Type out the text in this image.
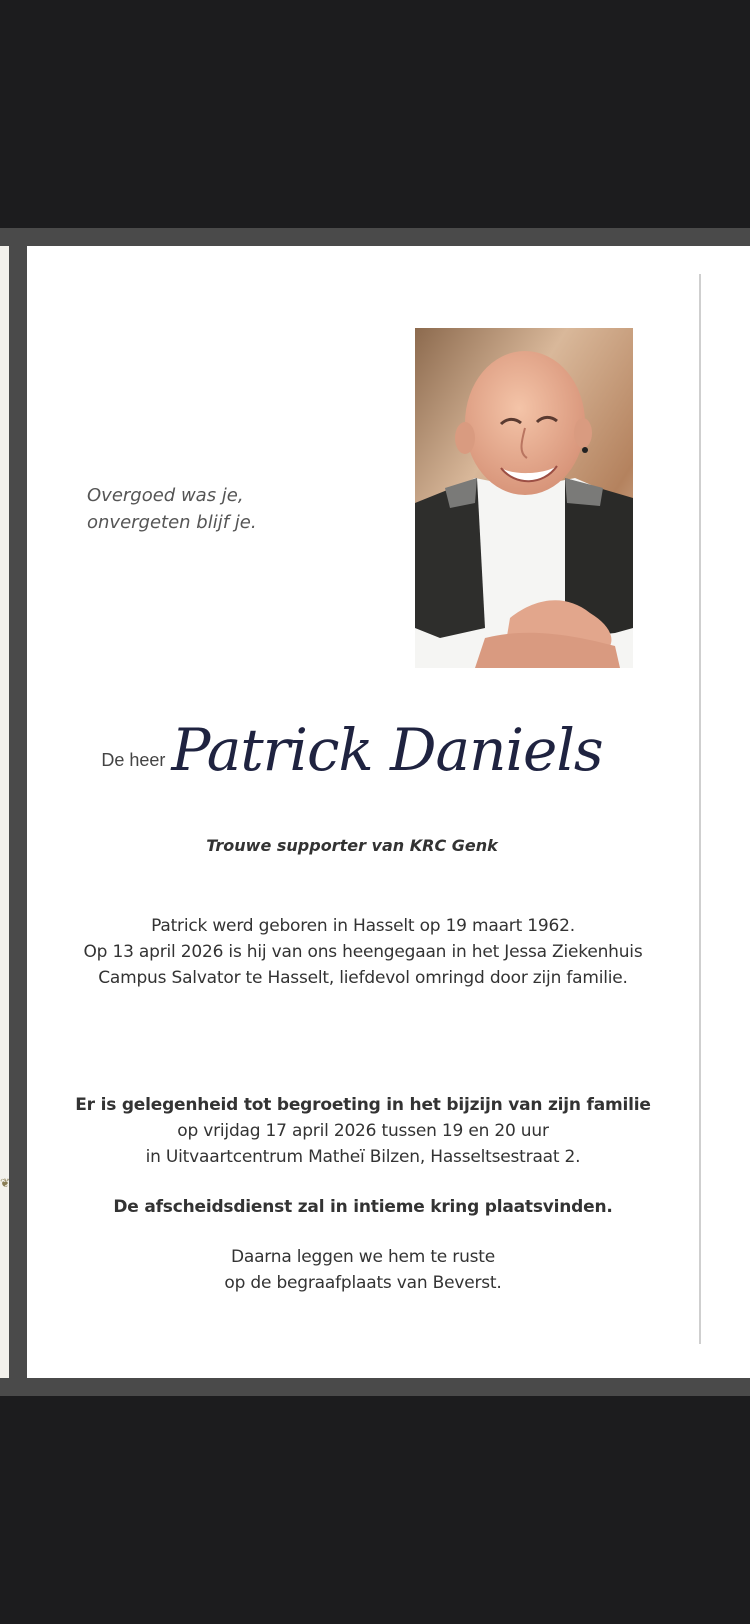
❦
Overgoed was je,
onvergeten blijf je.
De heer Patrick Daniels
Trouwe supporter van KRC Genk
Patrick werd geboren in Hasselt op 19 maart 1962.
Op 13 april 2026 is hij van ons heengegaan in het Jessa Ziekenhuis
Campus Salvator te Hasselt, liefdevol omringd door zijn familie.
Er is gelegenheid tot begroeting in het bijzijn van zijn familie
op vrijdag 17 april 2026 tussen 19 en 20 uur
in Uitvaartcentrum Matheï Bilzen, Hasseltsestraat 2.
De afscheidsdienst zal in intieme kring plaatsvinden.
Daarna leggen we hem te ruste
op de begraafplaats van Beverst.
